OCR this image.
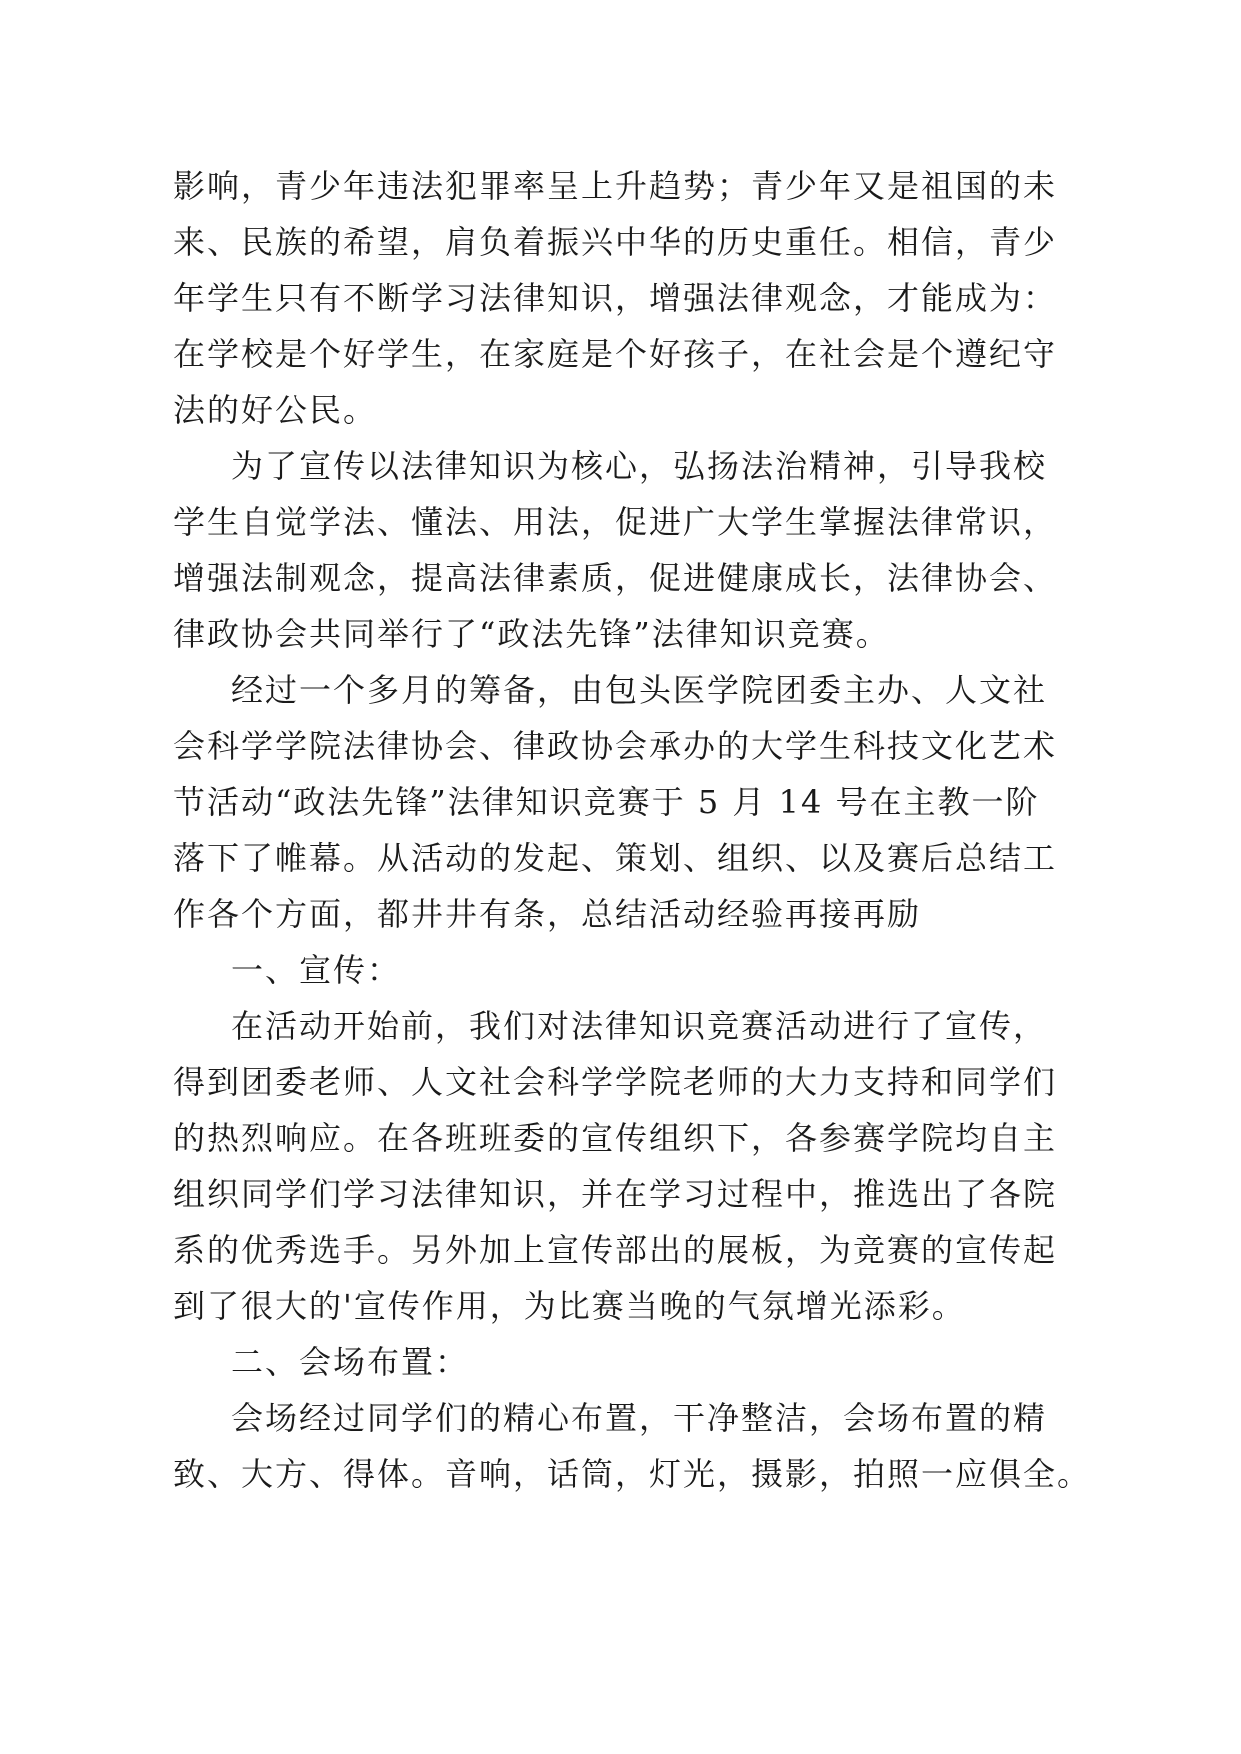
影响，青少年违法犯罪率呈上升趋势；青少年又是祖国的未
来、民族的希望，肩负着振兴中华的历史重任。相信，青少
年学生只有不断学习法律知识，增强法律观念，才能成为：
在学校是个好学生，在家庭是个好孩子，在社会是个遵纪守
法的好公民。
为了宣传以法律知识为核心，弘扬法治精神，引导我校
学生自觉学法、懂法、用法，促进广大学生掌握法律常识，
增强法制观念，提高法律素质，促进健康成长，法律协会、
律政协会共同举行了“政法先锋”法律知识竞赛。
经过一个多月的筹备，由包头医学院团委主办、人文社
会科学学院法律协会、律政协会承办的大学生科技文化艺术
节活动“政法先锋”法律知识竞赛于 5 月 14 号在主教一阶
落下了帷幕。从活动的发起、策划、组织、以及赛后总结工
作各个方面，都井井有条，总结活动经验再接再励
一、宣传：
在活动开始前，我们对法律知识竞赛活动进行了宣传，
得到团委老师、人文社会科学学院老师的大力支持和同学们
的热烈响应。在各班班委的宣传组织下，各参赛学院均自主
组织同学们学习法律知识，并在学习过程中，推选出了各院
系的优秀选手。另外加上宣传部出的展板，为竞赛的宣传起
到了很大的'宣传作用，为比赛当晚的气氛增光添彩。
二、会场布置：
会场经过同学们的精心布置，干净整洁，会场布置的精
致、大方、得体。音响，话筒，灯光，摄影，拍照一应俱全。
